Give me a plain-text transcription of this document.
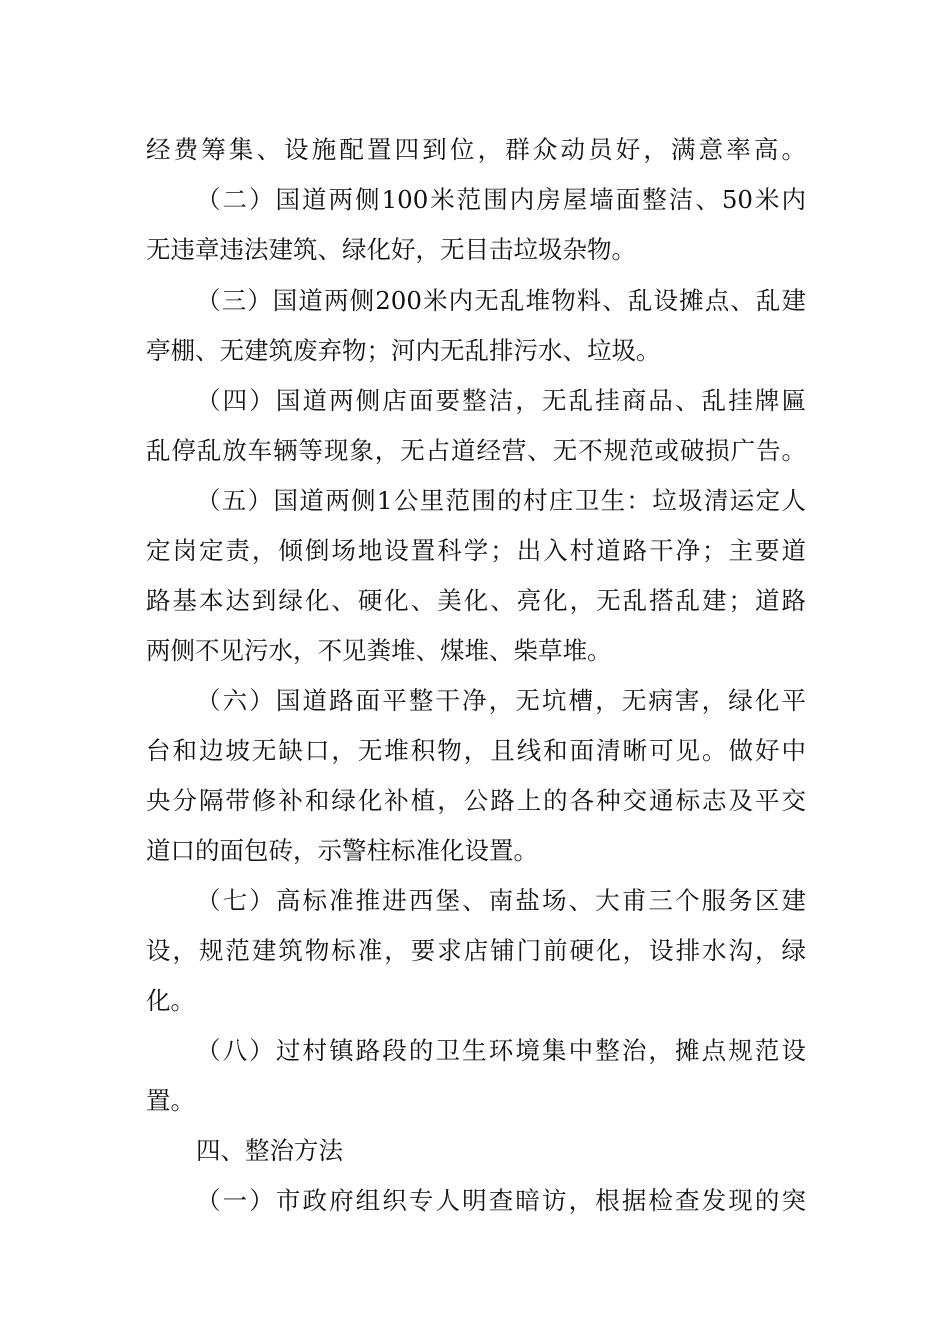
经费筹集、设施配置四到位，群众动员好，满意率高。
（二）国道两侧100米范围内房屋墙面整洁、50米内
无违章违法建筑、绿化好，无目击垃圾杂物。
（三）国道两侧200米内无乱堆物料、乱设摊点、乱建
亭棚、无建筑废弃物；河内无乱排污水、垃圾。
（四）国道两侧店面要整洁，无乱挂商品、乱挂牌匾
乱停乱放车辆等现象，无占道经营、无不规范或破损广告。
（五）国道两侧1公里范围的村庄卫生：垃圾清运定人
定岗定责，倾倒场地设置科学；出入村道路干净；主要道
路基本达到绿化、硬化、美化、亮化，无乱搭乱建；道路
两侧不见污水，不见粪堆、煤堆、柴草堆。
（六）国道路面平整干净，无坑槽，无病害，绿化平
台和边坡无缺口，无堆积物，且线和面清晰可见。做好中
央分隔带修补和绿化补植，公路上的各种交通标志及平交
道口的面包砖，示警柱标准化设置。
（七）高标准推进西堡、南盐场、大甫三个服务区建
设，规范建筑物标准，要求店铺门前硬化，设排水沟，绿
化。
（八）过村镇路段的卫生环境集中整治，摊点规范设
置。
四、整治方法
（一）市政府组织专人明查暗访，根据检查发现的突
